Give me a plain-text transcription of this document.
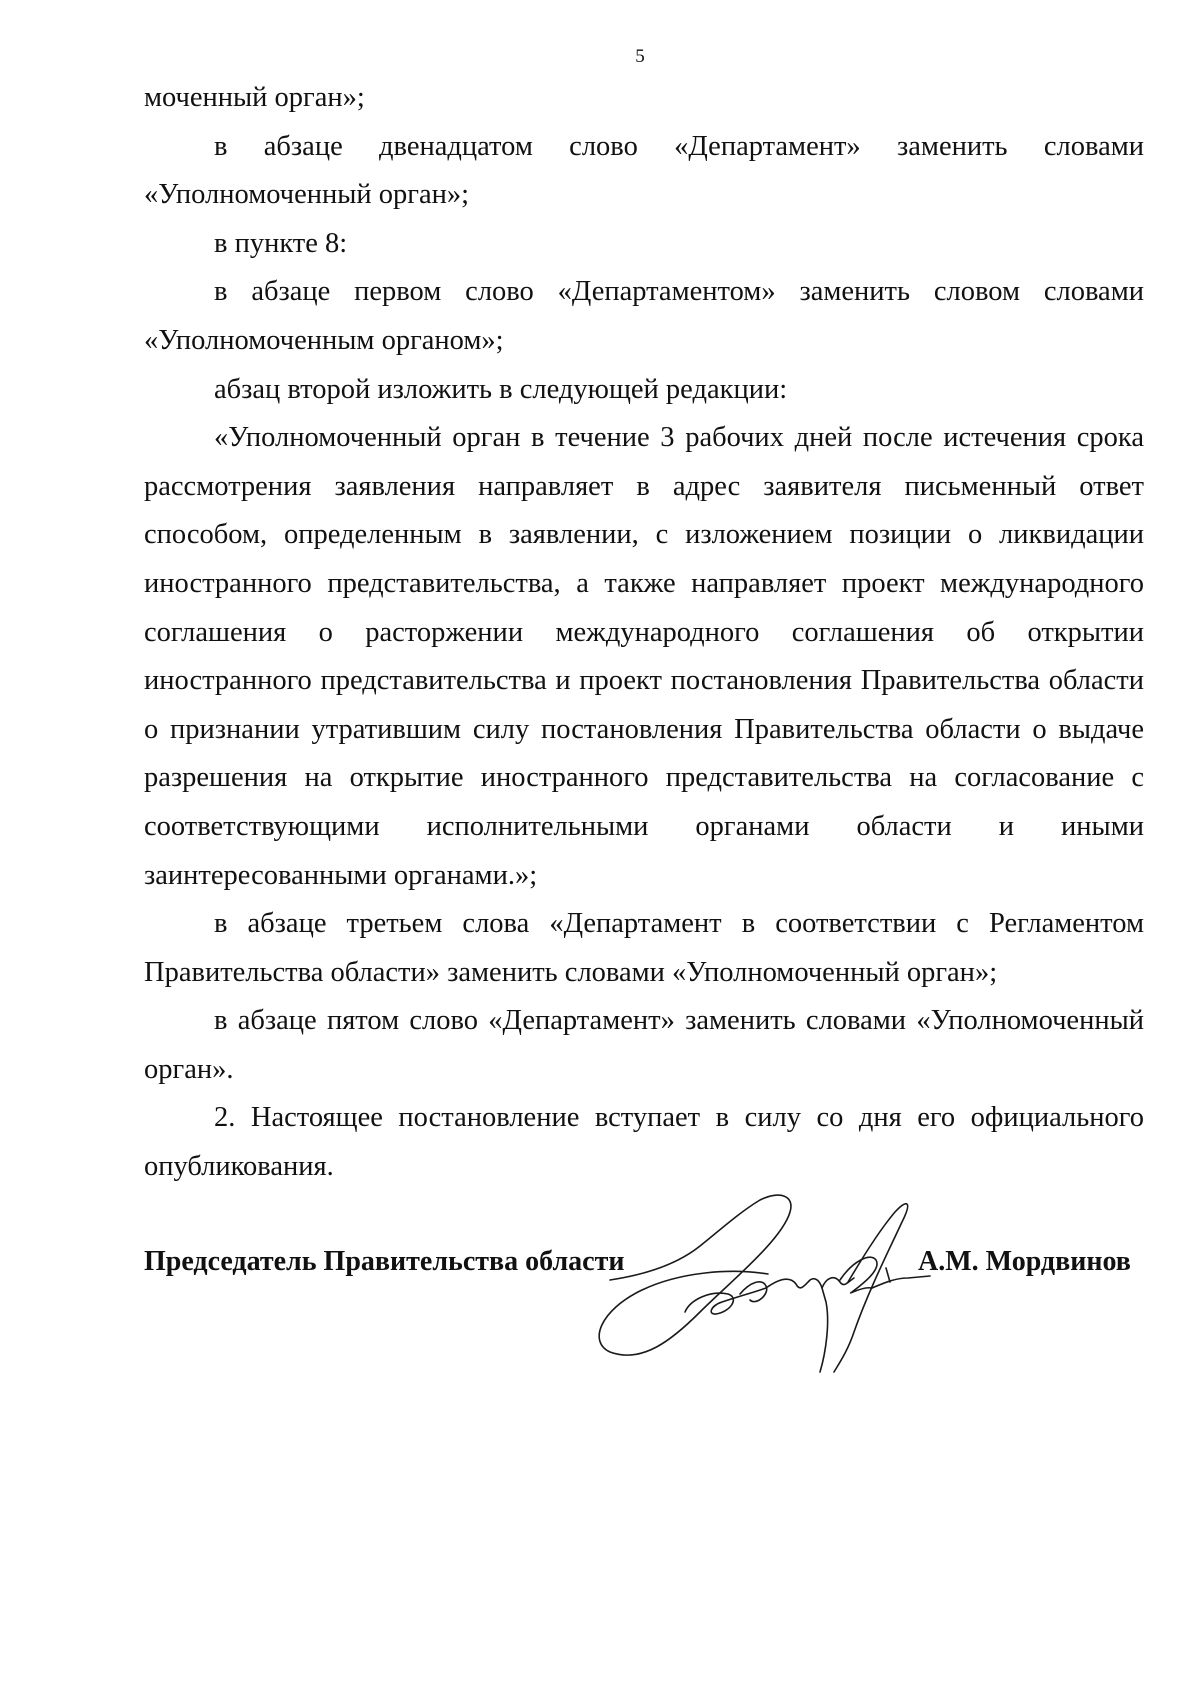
5

моченный орган»;

в абзаце двенадцатом слово «Департамент» заменить словами «Уполномоченный орган»;

в пункте 8:

в абзаце первом слово «Департаментом» заменить словом словами «Уполномоченным органом»;

абзац второй изложить в следующей редакции:

«Уполномоченный орган в течение 3 рабочих дней после истечения срока рассмотрения заявления направляет в адрес заявителя письменный ответ способом, определенным в заявлении, с изложением позиции о ликвидации иностранного представительства, а также направляет проект международного соглашения о расторжении международного соглашения об открытии иностранного представительства и проект постановления Правительства области о признании утратившим силу постановления Правительства области о выдаче разрешения на открытие иностранного представительства на согласование с соответствующими исполнительными органами области и иными заинтересованными органами.»;

в абзаце третьем слова «Департамент в соответствии с Регламентом Правительства области» заменить словами «Уполномоченный орган»;

в абзаце пятом слово «Департамент» заменить словами «Уполномоченный орган».

2. Настоящее постановление вступает в силу со дня его официального опубликования.

Председатель Правительства области	А.М. Мордвинов
